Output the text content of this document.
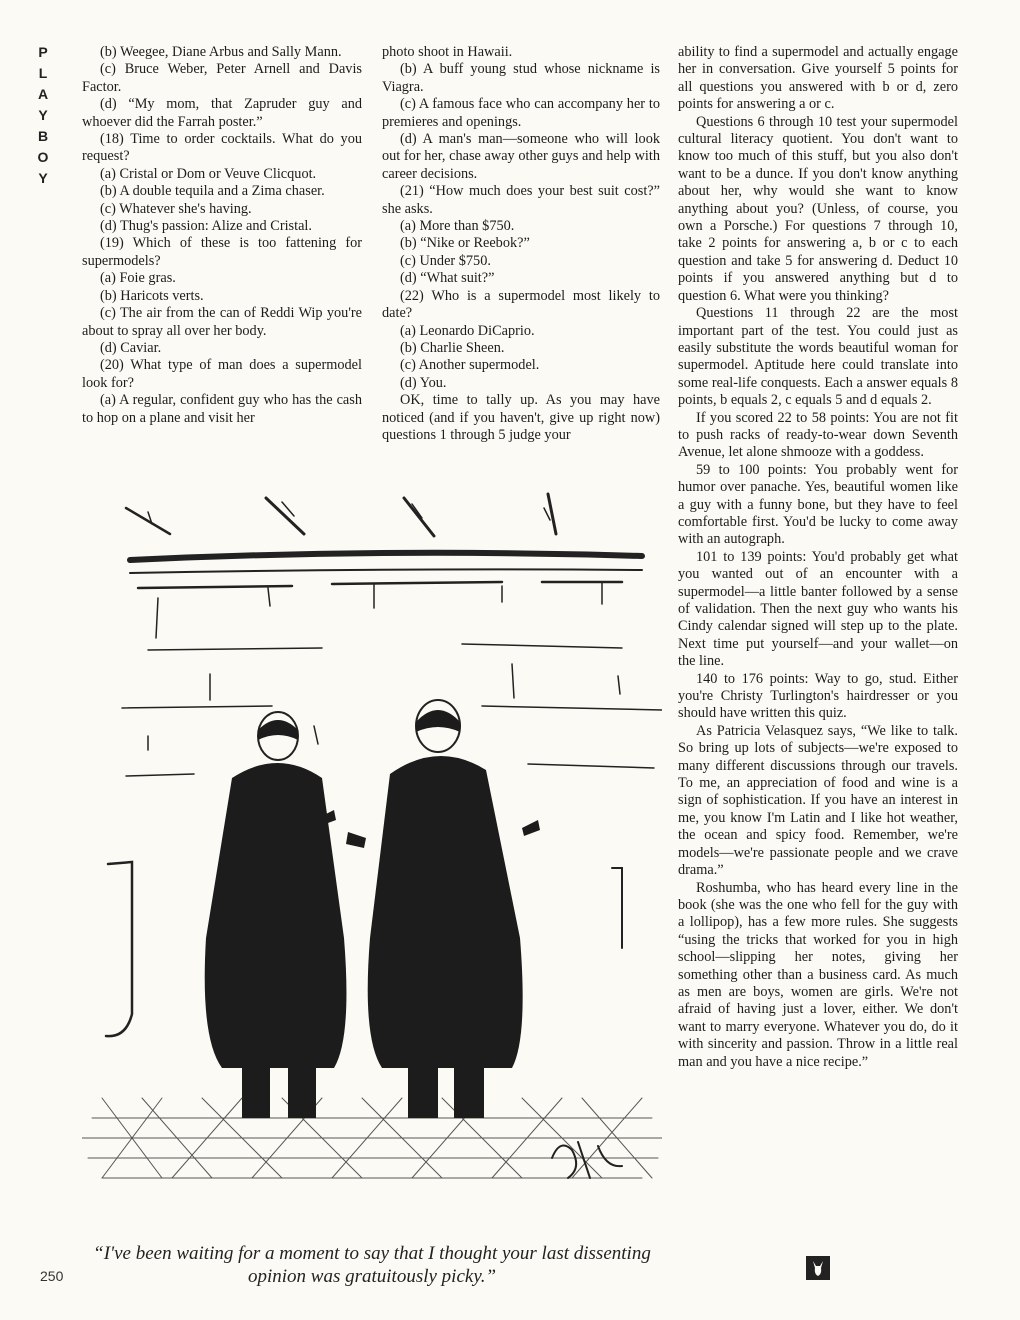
P
L
A
Y
B
O
Y

(b) Weegee, Diane Arbus and Sally Mann.

(c) Bruce Weber, Peter Arnell and Davis Factor.

(d) “My mom, that Zapruder guy and whoever did the Farrah poster.”

(18) Time to order cocktails. What do you request?

(a) Cristal or Dom or Veuve Clicquot.

(b) A double tequila and a Zima chaser.

(c) Whatever she's having.

(d) Thug's passion: Alize and Cristal.

(19) Which of these is too fattening for supermodels?

(a) Foie gras.

(b) Haricots verts.

(c) The air from the can of Reddi Wip you're about to spray all over her body.

(d) Caviar.

(20) What type of man does a supermodel look for?

(a) A regular, confident guy who has the cash to hop on a plane and visit her

photo shoot in Hawaii.

(b) A buff young stud whose nickname is Viagra.

(c) A famous face who can accompany her to premieres and openings.

(d) A man's man—someone who will look out for her, chase away other guys and help with career decisions.

(21) “How much does your best suit cost?” she asks.

(a) More than $750.

(b) “Nike or Reebok?”

(c) Under $750.

(d) “What suit?”

(22) Who is a supermodel most likely to date?

(a) Leonardo DiCaprio.

(b) Charlie Sheen.

(c) Another supermodel.

(d) You.

OK, time to tally up. As you may have noticed (and if you haven't, give up right now) questions 1 through 5 judge your

ability to find a supermodel and actually engage her in conversation. Give yourself 5 points for all questions you answered with b or d, zero points for answering a or c.

Questions 6 through 10 test your supermodel cultural literacy quotient. You don't want to know too much of this stuff, but you also don't want to be a dunce. If you don't know anything about her, why would she want to know anything about you? (Unless, of course, you own a Porsche.) For questions 7 through 10, take 2 points for answering a, b or c to each question and take 5 for answering d. Deduct 10 points if you answered anything but d to question 6. What were you thinking?

Questions 11 through 22 are the most important part of the test. You could just as easily substitute the words beautiful woman for supermodel. Aptitude here could translate into some real-life conquests. Each a answer equals 8 points, b equals 2, c equals 5 and d equals 2.

If you scored 22 to 58 points: You are not fit to push racks of ready-to-wear down Seventh Avenue, let alone shmooze with a goddess.

59 to 100 points: You probably went for humor over panache. Yes, beautiful women like a guy with a funny bone, but they have to feel comfortable first. You'd be lucky to come away with an autograph.

101 to 139 points: You'd probably get what you wanted out of an encounter with a supermodel—a little banter followed by a sense of validation. Then the next guy who wants his Cindy calendar signed will step up to the plate. Next time put yourself—and your wallet—on the line.

140 to 176 points: Way to go, stud. Either you're Christy Turlington's hairdresser or you should have written this quiz.

As Patricia Velasquez says, “We like to talk. So bring up lots of subjects—we're exposed to many different discussions through our travels. To me, an appreciation of food and wine is a sign of sophistication. If you have an interest in me, you know I'm Latin and I like hot weather, the ocean and spicy food. Remember, we're models—we're passionate people and we crave drama.”

Roshumba, who has heard every line in the book (she was the one who fell for the guy with a lollipop), has a few more rules. She suggests “using the tricks that worked for you in high school—slipping her notes, giving her something other than a business card. As much as men are boys, women are girls. We're not afraid of having just a lover, either. We don't want to marry everyone. Whatever you do, do it with sincerity and passion. Throw in a little real man and you have a nice recipe.”

“I've been waiting for a moment to say that I thought your last dissenting opinion was gratuitously picky.”
250
